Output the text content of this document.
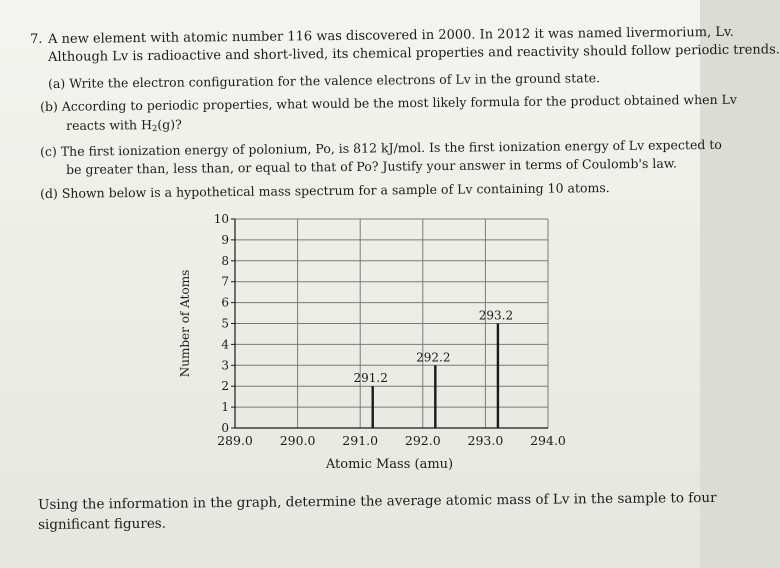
7. A new element with atomic number 116 was discovered in 2000. In 2012 it was named livermorium, Lv.
Although Lv is radioactive and short-lived, its chemical properties and reactivity should follow periodic trends.
(a) Write the electron configuration for the valence electrons of Lv in the ground state.
(b) According to periodic properties, what would be the most likely formula for the product obtained when Lv
reacts with $H_2(g)$?
(c) The first ionization energy of polonium, Po, is 812 kJ/mol. Is the first ionization energy of Lv expected to
be greater than, less than, or equal to that of Po? Justify your answer in terms of Coulomb's law.
(d) Shown below is a hypothetical mass spectrum for a sample of Lv containing 10 atoms.
0
1
2
3
4
5
6
7
8
9
10
289.0 290.0 291.0 292.0 293.0 294.0
291.2
292.2
293.2
Atomic Mass (amu)
Number of Atoms
Using the information in the graph, determine the average atomic mass of Lv in the sample to four
significant figures.
